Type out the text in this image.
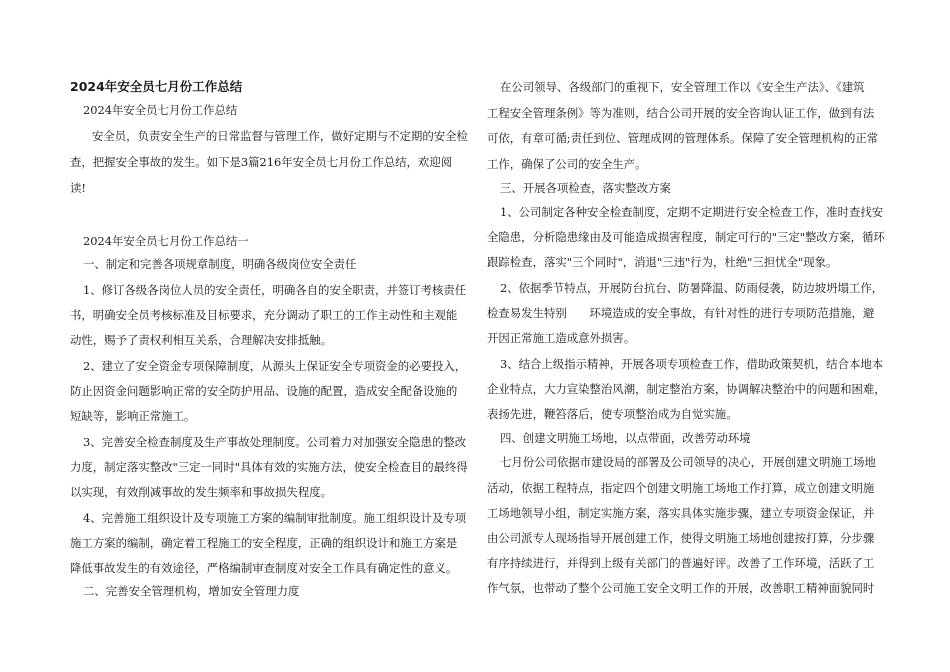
2024年安全员七月份工作总结
2024年安全员七月份工作总结
安全员，负责安全生产的日常监督与管理工作，做好定期与不定期的安全检
查，把握安全事故的发生。如下是3篇216年安全员七月份工作总结，欢迎阅
读!
2024年安全员七月份工作总结一
一、制定和完善各项规章制度，明确各级岗位安全责任
1、修订各级各岗位人员的安全责任，明确各自的安全职责，并签订考核责任
书，明确安全员考核标准及目标要求，充分调动了职工的工作主动性和主观能
动性，赐予了责权利相互关系，合理解决安排抵触。
2、建立了安全资金专项保障制度，从源头上保证安全专项资金的必要投入，
防止因资金问题影响正常的安全防护用品、设施的配置，造成安全配备设施的
短缺等，影响正常施工。
3、完善安全检查制度及生产事故处理制度。公司着力对加强安全隐患的整改
力度，制定落实整改"三定一同时"具体有效的实施方法，使安全检查目的最终得
以实现，有效削减事故的发生频率和事故损失程度。
4、完善施工组织设计及专项施工方案的编制审批制度。施工组织设计及专项
施工方案的编制，确定着工程施工的安全程度，正确的组织设计和施工方案是
降低事故发生的有效途径，严格编制审查制度对安全工作具有确定性的意义。
二、完善安全管理机构，增加安全管理力度
在公司领导、各级部门的重视下，安全管理工作以《安全生产法》、《建筑
工程安全管理条例》等为准则，结合公司开展的安全咨询认证工作，做到有法
可依，有章可循;责任到位、管理成网的管理体系。保障了安全管理机构的正常
工作，确保了公司的安全生产。
三、开展各项检查，落实整改方案
1、公司制定各种安全检查制度，定期不定期进行安全检查工作，准时查找安
全隐患，分析隐患缘由及可能造成损害程度，制定可行的"三定"整改方案，循环
跟踪检查，落实"三个同时"，消退"三违"行为，杜绝"三担忧全"现象。
2、依据季节特点，开展防台抗台、防暑降温、防雨侵袭，防边坡坍塌工作，
检查易发生特别　　环境造成的安全事故，有针对性的进行专项防范措施，避
开因正常施工造成意外损害。
3、结合上级指示精神，开展各项专项检查工作，借助政策契机，结合本地本
企业特点，大力宣染整治风潮，制定整治方案，协调解决整治中的问题和困难，
表扬先进，鞭笞落后，使专项整治成为自觉实施。
四、创建文明施工场地，以点带面，改善劳动环境
七月份公司依据市建设局的部署及公司领导的决心，开展创建文明施工场地
活动，依据工程特点，指定四个创建文明施工场地工作打算，成立创建文明施
工场地领导小组，制定实施方案，落实具体实施步骤，建立专项资金保证，并
由公司派专人现场指导开展创建工作，使得文明施工场地创建按打算，分步骤
有序持续进行，并得到上级有关部门的普遍好评。改善了工作环境，活跃了工
作气氛，也带动了整个公司施工安全文明工作的开展，改善职工精神面貌同时
